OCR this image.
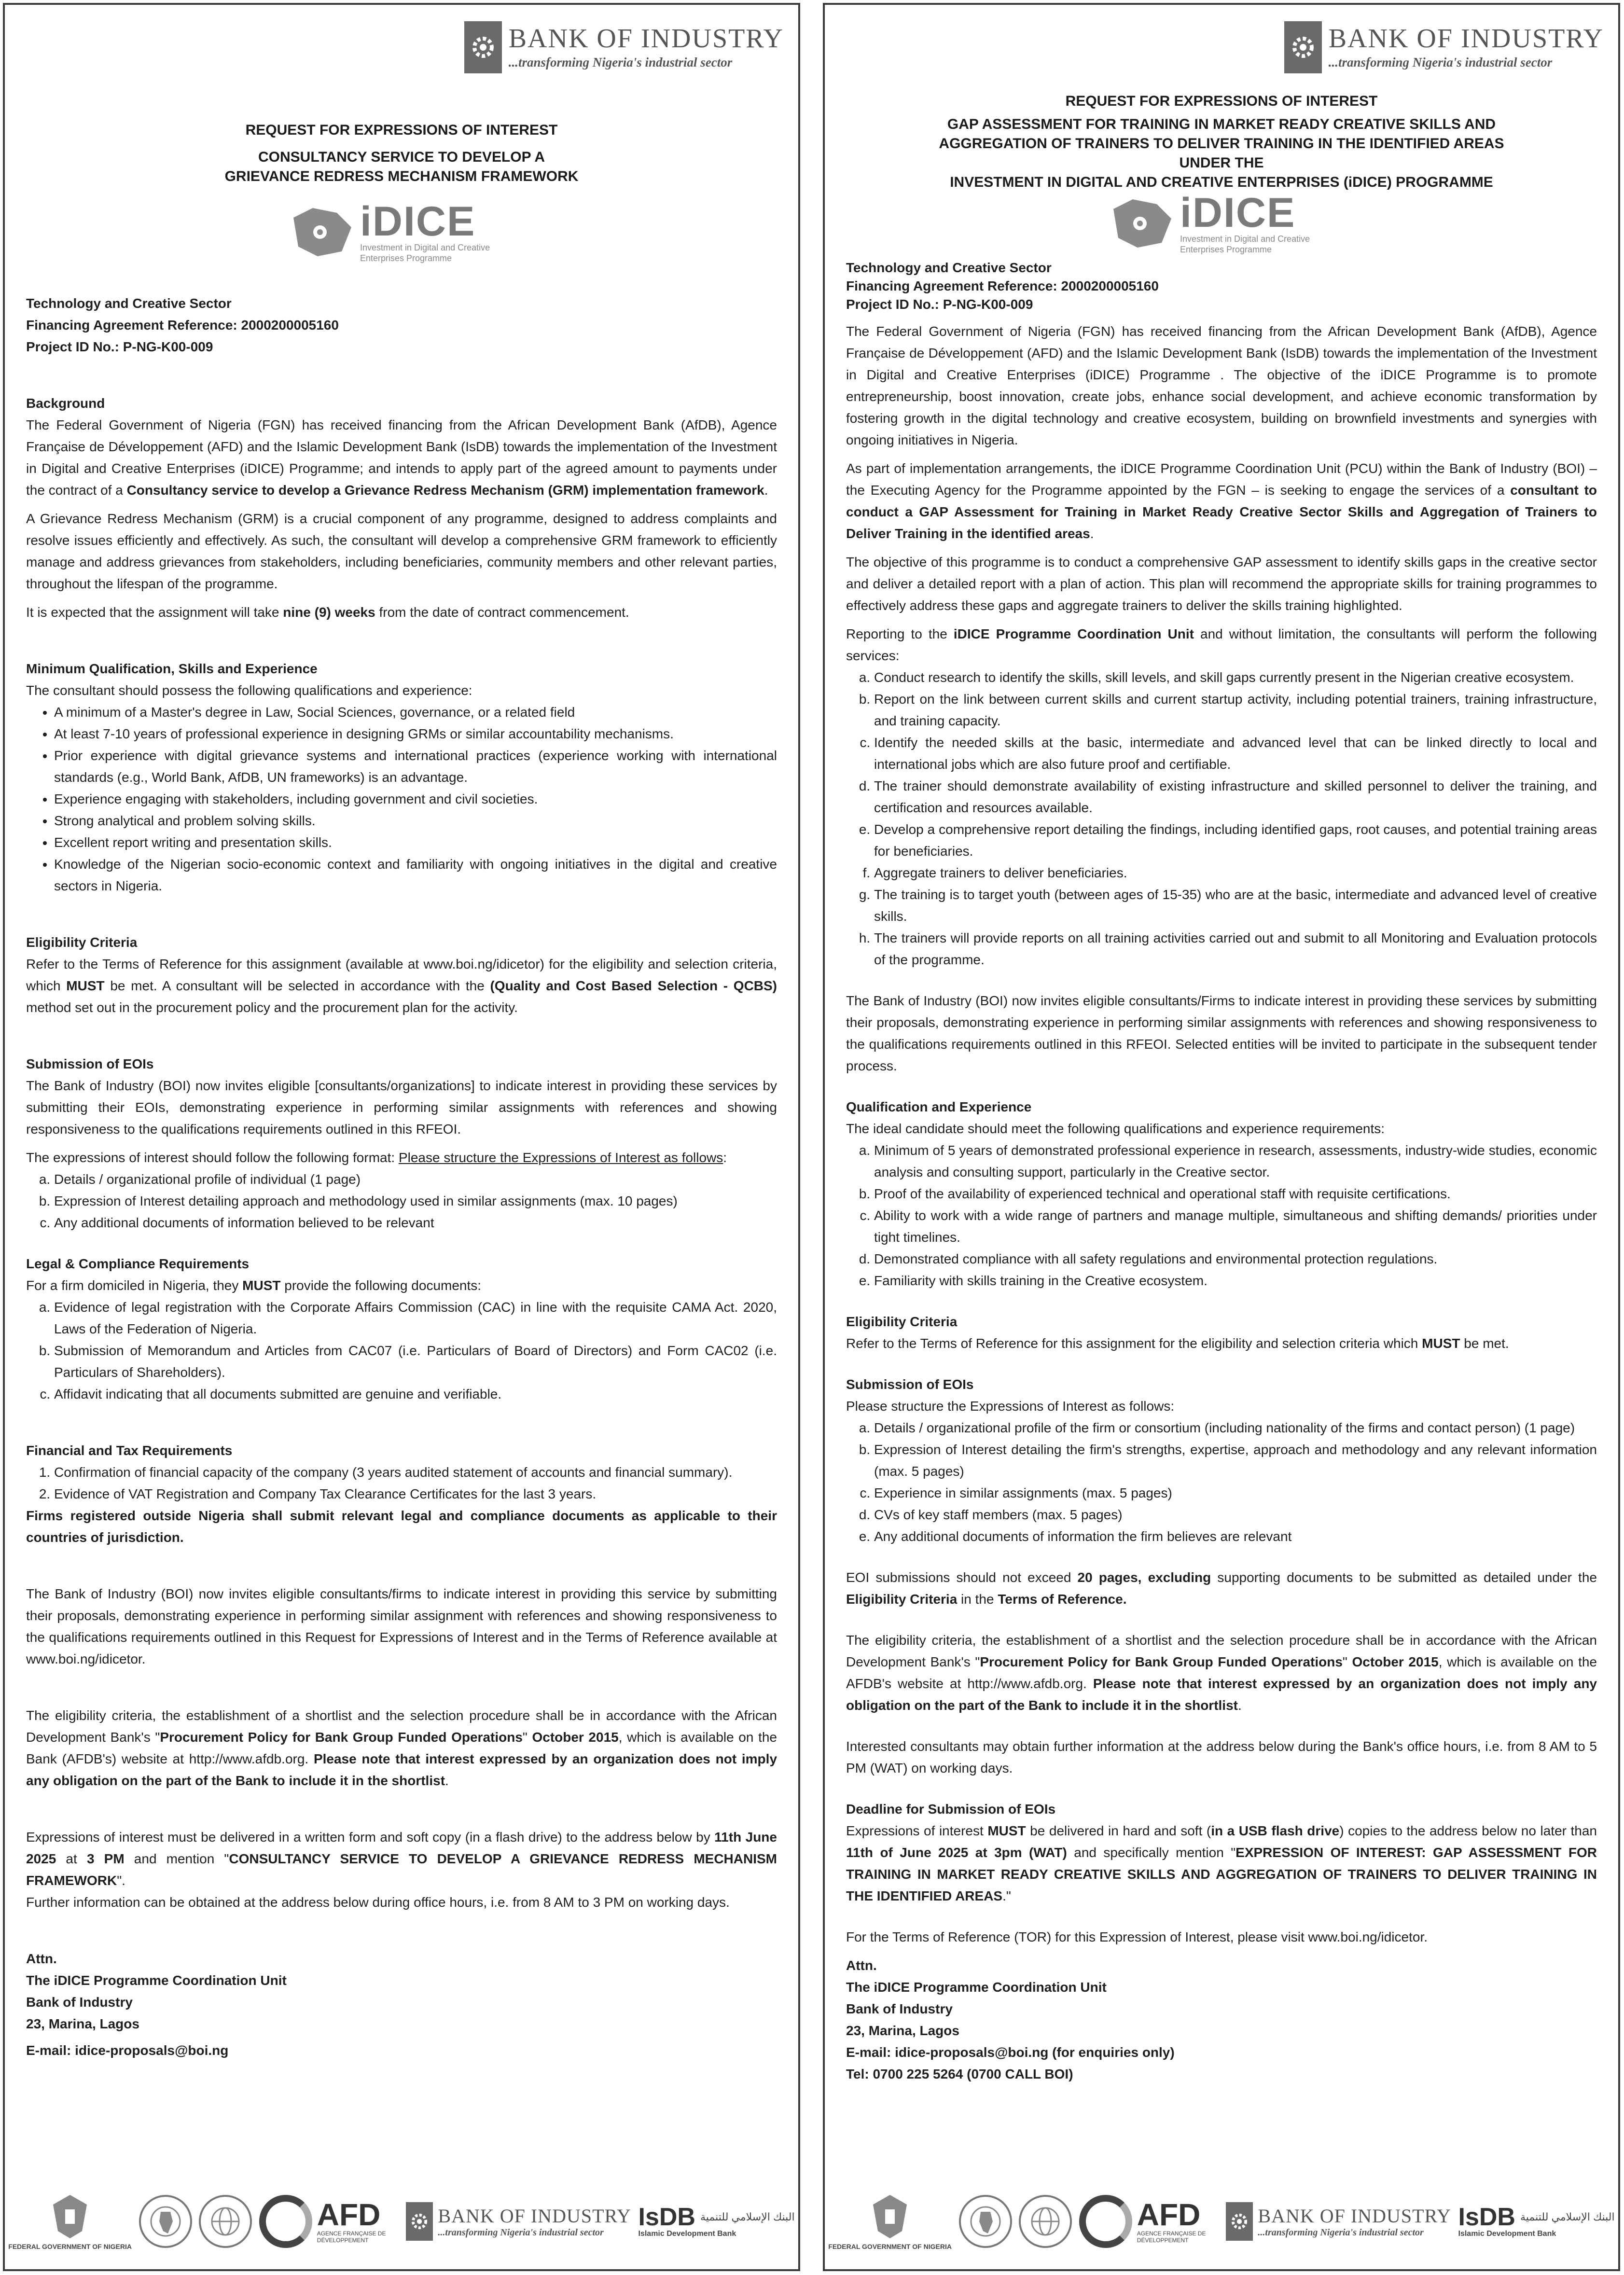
BANK OF INDUSTRY
...transforming Nigeria's industrial sector
REQUEST FOR EXPRESSIONS OF INTEREST
CONSULTANCY SERVICE TO DEVELOP A
GRIEVANCE REDRESS MECHANISM FRAMEWORK
iDICE
Investment in Digital and Creative Enterprises Programme
Technology and Creative Sector
Financing Agreement Reference: 2000200005160
Project ID No.: P-NG-K00-009
Background

The Federal Government of Nigeria (FGN) has received financing from the African Development Bank (AfDB), Agence Française de Développement (AFD) and the Islamic Development Bank (IsDB) towards the implementation of the Investment in Digital and Creative Enterprises (iDICE) Programme; and intends to apply part of the agreed amount to payments under the contract of a Consultancy service to develop a Grievance Redress Mechanism (GRM) implementation framework.

A Grievance Redress Mechanism (GRM) is a crucial component of any programme, designed to address complaints and resolve issues efficiently and effectively. As such, the consultant will develop a comprehensive GRM framework to efficiently manage and address grievances from stakeholders, including beneficiaries, community members and other relevant parties, throughout the lifespan of the programme.

It is expected that the assignment will take nine (9) weeks from the date of contract commencement.

Minimum Qualification, Skills and Experience

The consultant should possess the following qualifications and experience:

• A minimum of a Master's degree in Law, Social Sciences, governance, or a related field
• At least 7-10 years of professional experience in designing GRMs or similar accountability mechanisms.
• Prior experience with digital grievance systems and international practices (experience working with international standards (e.g., World Bank, AfDB, UN frameworks) is an advantage.
• Experience engaging with stakeholders, including government and civil societies.
• Strong analytical and problem solving skills.
• Excellent report writing and presentation skills.
• Knowledge of the Nigerian socio-economic context and familiarity with ongoing initiatives in the digital and creative sectors in Nigeria.
Eligibility Criteria

Refer to the Terms of Reference for this assignment (available at www.boi.ng/idicetor) for the eligibility and selection criteria, which MUST be met. A consultant will be selected in accordance with the (Quality and Cost Based Selection - QCBS) method set out in the procurement policy and the procurement plan for the activity.

Submission of EOIs

The Bank of Industry (BOI) now invites eligible [consultants/organizations] to indicate interest in providing these services by submitting their EOIs, demonstrating experience in performing similar assignments with references and showing responsiveness to the qualifications requirements outlined in this RFEOI.

The expressions of interest should follow the following format: Please structure the Expressions of Interest as follows:

a. Details / organizational profile of individual (1 page)
b. Expression of Interest detailing approach and methodology used in similar assignments (max. 10 pages)
c. Any additional documents of information believed to be relevant
Legal & Compliance Requirements

For a firm domiciled in Nigeria, they MUST provide the following documents:

a. Evidence of legal registration with the Corporate Affairs Commission (CAC) in line with the requisite CAMA Act. 2020, Laws of the Federation of Nigeria.
b. Submission of Memorandum and Articles from CAC07 (i.e. Particulars of Board of Directors) and Form CAC02 (i.e. Particulars of Shareholders).
c. Affidavit indicating that all documents submitted are genuine and verifiable.
Financial and Tax Requirements
1. Confirmation of financial capacity of the company (3 years audited statement of accounts and financial summary).
2. Evidence of VAT Registration and Company Tax Clearance Certificates for the last 3 years.

Firms registered outside Nigeria shall submit relevant legal and compliance documents as applicable to their countries of jurisdiction.

The Bank of Industry (BOI) now invites eligible consultants/firms to indicate interest in providing this service by submitting their proposals, demonstrating experience in performing similar assignment with references and showing responsiveness to the qualifications requirements outlined in this Request for Expressions of Interest and in the Terms of Reference available at www.boi.ng/idicetor.

The eligibility criteria, the establishment of a shortlist and the selection procedure shall be in accordance with the African Development Bank's "Procurement Policy for Bank Group Funded Operations" October 2015, which is available on the Bank (AFDB's) website at http://www.afdb.org. Please note that interest expressed by an organization does not imply any obligation on the part of the Bank to include it in the shortlist.

Expressions of interest must be delivered in a written form and soft copy (in a flash drive) to the address below by 11th June 2025 at 3 PM and mention "CONSULTANCY SERVICE TO DEVELOP A GRIEVANCE REDRESS MECHANISM FRAMEWORK".

Further information can be obtained at the address below during office hours, i.e. from 8 AM to 3 PM on working days.

Attn.
The iDICE Programme Coordination Unit
Bank of Industry
23, Marina, Lagos
E-mail: idice-proposals@boi.ng
FEDERAL GOVERNMENT OF NIGERIA
AFD
AGENCE FRANÇAISE DE DÉVELOPPEMENT
BANK OF INDUSTRY
...transforming Nigeria's industrial sector
IsDB البنك الإسلامي للتنمية
Islamic Development Bank
BANK OF INDUSTRY
...transforming Nigeria's industrial sector
REQUEST FOR EXPRESSIONS OF INTEREST
GAP ASSESSMENT FOR TRAINING IN MARKET READY CREATIVE SKILLS AND
AGGREGATION OF TRAINERS TO DELIVER TRAINING IN THE IDENTIFIED AREAS
UNDER THE
INVESTMENT IN DIGITAL AND CREATIVE ENTERPRISES (iDICE) PROGRAMME
iDICE
Investment in Digital and Creative Enterprises Programme
Technology and Creative Sector
Financing Agreement Reference: 2000200005160
Project ID No.: P-NG-K00-009

The Federal Government of Nigeria (FGN) has received financing from the African Development Bank (AfDB), Agence Française de Développement (AFD) and the Islamic Development Bank (IsDB) towards the implementation of the Investment in Digital and Creative Enterprises (iDICE) Programme . The objective of the iDICE Programme is to promote entrepreneurship, boost innovation, create jobs, enhance social development, and achieve economic transformation by fostering growth in the digital technology and creative ecosystem, building on brownfield investments and synergies with ongoing initiatives in Nigeria.

As part of implementation arrangements, the iDICE Programme Coordination Unit (PCU) within the Bank of Industry (BOI) – the Executing Agency for the Programme appointed by the FGN – is seeking to engage the services of a consultant to conduct a GAP Assessment for Training in Market Ready Creative Sector Skills and Aggregation of Trainers to Deliver Training in the identified areas.

The objective of this programme is to conduct a comprehensive GAP assessment to identify skills gaps in the creative sector and deliver a detailed report with a plan of action. This plan will recommend the appropriate skills for training programmes to effectively address these gaps and aggregate trainers to deliver the skills training highlighted.

Reporting to the iDICE Programme Coordination Unit and without limitation, the consultants will perform the following services:

a. Conduct research to identify the skills, skill levels, and skill gaps currently present in the Nigerian creative ecosystem.
b. Report on the link between current skills and current startup activity, including potential trainers, training infrastructure, and training capacity.
c. Identify the needed skills at the basic, intermediate and advanced level that can be linked directly to local and international jobs which are also future proof and certifiable.
d. The trainer should demonstrate availability of existing infrastructure and skilled personnel to deliver the training, and certification and resources available.
e. Develop a comprehensive report detailing the findings, including identified gaps, root causes, and potential training areas for beneficiaries.
f. Aggregate trainers to deliver beneficiaries.
g. The training is to target youth (between ages of 15-35) who are at the basic, intermediate and advanced level of creative skills.
h. The trainers will provide reports on all training activities carried out and submit to all Monitoring and Evaluation protocols of the programme.

The Bank of Industry (BOI) now invites eligible consultants/Firms to indicate interest in providing these services by submitting their proposals, demonstrating experience in performing similar assignments with references and showing responsiveness to the qualifications requirements outlined in this RFEOI. Selected entities will be invited to participate in the subsequent tender process.

Qualification and Experience

The ideal candidate should meet the following qualifications and experience requirements:

a. Minimum of 5 years of demonstrated professional experience in research, assessments, industry-wide studies, economic analysis and consulting support, particularly in the Creative sector.
b. Proof of the availability of experienced technical and operational staff with requisite certifications.
c. Ability to work with a wide range of partners and manage multiple, simultaneous and shifting demands/ priorities under tight timelines.
d. Demonstrated compliance with all safety regulations and environmental protection regulations.
e. Familiarity with skills training in the Creative ecosystem.
Eligibility Criteria

Refer to the Terms of Reference for this assignment for the eligibility and selection criteria which MUST be met.

Submission of EOIs

Please structure the Expressions of Interest as follows:

a. Details / organizational profile of the firm or consortium (including nationality of the firms and contact person) (1 page)
b. Expression of Interest detailing the firm's strengths, expertise, approach and methodology and any relevant information (max. 5 pages)
c. Experience in similar assignments (max. 5 pages)
d. CVs of key staff members (max. 5 pages)
e. Any additional documents of information the firm believes are relevant

EOI submissions should not exceed 20 pages, excluding supporting documents to be submitted as detailed under the Eligibility Criteria in the Terms of Reference.

The eligibility criteria, the establishment of a shortlist and the selection procedure shall be in accordance with the African Development Bank's "Procurement Policy for Bank Group Funded Operations" October 2015, which is available on the AFDB's website at http://www.afdb.org. Please note that interest expressed by an organization does not imply any obligation on the part of the Bank to include it in the shortlist.

Interested consultants may obtain further information at the address below during the Bank's office hours, i.e. from 8 AM to 5 PM (WAT) on working days.

Deadline for Submission of EOIs

Expressions of interest MUST be delivered in hard and soft (in a USB flash drive) copies to the address below no later than 11th of June 2025 at 3pm (WAT) and specifically mention "EXPRESSION OF INTEREST: GAP ASSESSMENT FOR TRAINING IN MARKET READY CREATIVE SKILLS AND AGGREGATION OF TRAINERS TO DELIVER TRAINING IN THE IDENTIFIED AREAS."

For the Terms of Reference (TOR) for this Expression of Interest, please visit www.boi.ng/idicetor.

Attn.
The iDICE Programme Coordination Unit
Bank of Industry
23, Marina, Lagos
E-mail: idice-proposals@boi.ng (for enquiries only)
Tel: 0700 225 5264 (0700 CALL BOI)
FEDERAL GOVERNMENT OF NIGERIA
AFD
AGENCE FRANÇAISE DE DÉVELOPPEMENT
BANK OF INDUSTRY
...transforming Nigeria's industrial sector
IsDB البنك الإسلامي للتنمية
Islamic Development Bank
